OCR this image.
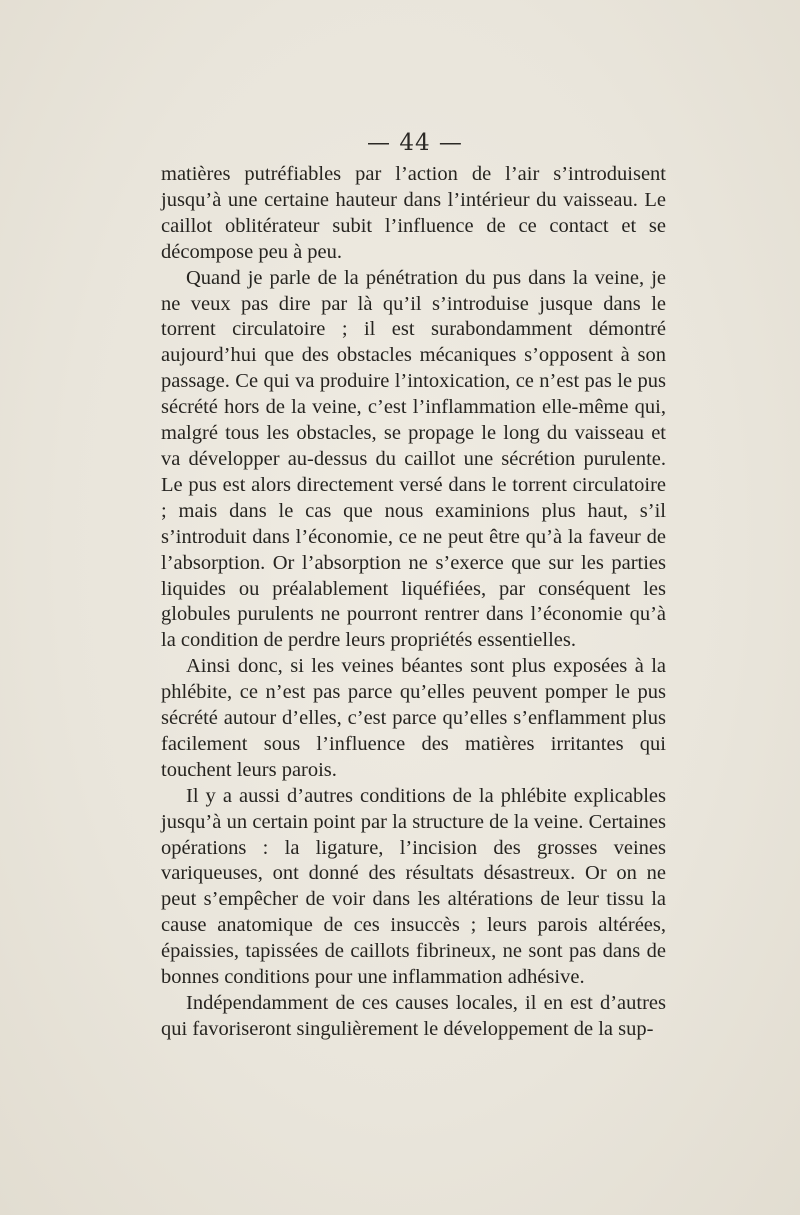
— 44 —

matières putréfiables par l’action de l’air s’introduisent jusqu’à une certaine hauteur dans l’intérieur du vaisseau. Le caillot oblitérateur subit l’influence de ce contact et se décompose peu à peu.

Quand je parle de la pénétration du pus dans la veine, je ne veux pas dire par là qu’il s’introduise jusque dans le torrent circulatoire ; il est surabondamment démontré aujourd’hui que des obstacles mécaniques s’opposent à son passage. Ce qui va produire l’intoxication, ce n’est pas le pus sécrété hors de la veine, c’est l’inflammation elle-même qui, malgré tous les obstacles, se propage le long du vaisseau et va développer au-dessus du caillot une sécrétion purulente. Le pus est alors directement versé dans le torrent circulatoire ; mais dans le cas que nous examinions plus haut, s’il s’introduit dans l’économie, ce ne peut être qu’à la faveur de l’absorption. Or l’absorption ne s’exerce que sur les parties liquides ou préalablement liquéfiées, par conséquent les globules purulents ne pourront rentrer dans l’économie qu’à la condition de perdre leurs propriétés essentielles.

Ainsi donc, si les veines béantes sont plus exposées à la phlébite, ce n’est pas parce qu’elles peuvent pomper le pus sécrété autour d’elles, c’est parce qu’elles s’enflamment plus facilement sous l’influence des matières irritantes qui touchent leurs parois.

Il y a aussi d’autres conditions de la phlébite explicables jusqu’à un certain point par la structure de la veine. Certaines opérations : la ligature, l’incision des grosses veines variqueuses, ont donné des résultats désastreux. Or on ne peut s’empêcher de voir dans les altérations de leur tissu la cause anatomique de ces insuccès ; leurs parois altérées, épaissies, tapissées de caillots fibrineux, ne sont pas dans de bonnes conditions pour une inflammation adhésive.

Indépendamment de ces causes locales, il en est d’autres qui favoriseront singulièrement le développement de la sup-
